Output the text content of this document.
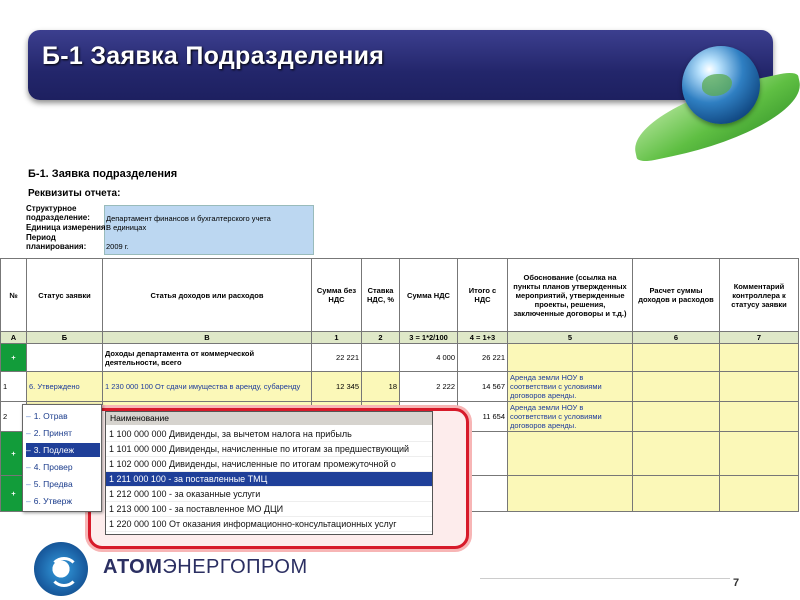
Б-1 Заявка Подразделения
Б-1. Заявка подразделения
Реквизиты отчета:
Структурное
подразделение: Департамент финансов и бухгалтерского учета
Единица измерения:
В единицах
Период
планирования:	2009 г.
№	Статус заявки	Статья доходов или расходов	Сумма без НДС	Ставка НДС, %	Сумма НДС	Итого с НДС	Обоснование (ссылка на пункты планов утвержденных мероприятий, утвержденные проекты, решения, заключенные договоры и т.д.)	Расчет суммы доходов и расходов	Комментарий контроллера к статусу заявки
А	Б	В	1	2	3 = 1*2/100	4 = 1+3	5	6	7
+		Доходы департамента от коммерческой деятельности, всего	22 221		4 000	26 221			
1	6. Утверждено	1 230 000 100 От сдачи имущества в аренду, субаренду	12 345	18	2 222	14 567	Аренда земли НОУ в соответствии с условиями договоров аренды.		
2						11 654	Аренда земли НОУ в соответствии с условиями договоров аренды.		
+									
+									
– 1. Отрав
– 2. Принят
– 3. Подлеж
– 4. Провер
– 5. Предва
– 6. Утверж
Наименование
1 100 000 000 Дивиденды, за вычетом налога на прибыль
1 101 000 000 Дивиденды, начисленные по итогам за предшествующий
1 102 000 000 Дивиденды, начисленные по итогам промежуточной о
1 211 000 100 - за поставленные ТМЦ
1 212 000 100 - за оказанные услуги
1 213 000 100 - за поставленное МО ДЦИ
1 220 000 100 От оказания информационно-консультационных услуг
АТОМЭНЕРГОПРОМ
7
